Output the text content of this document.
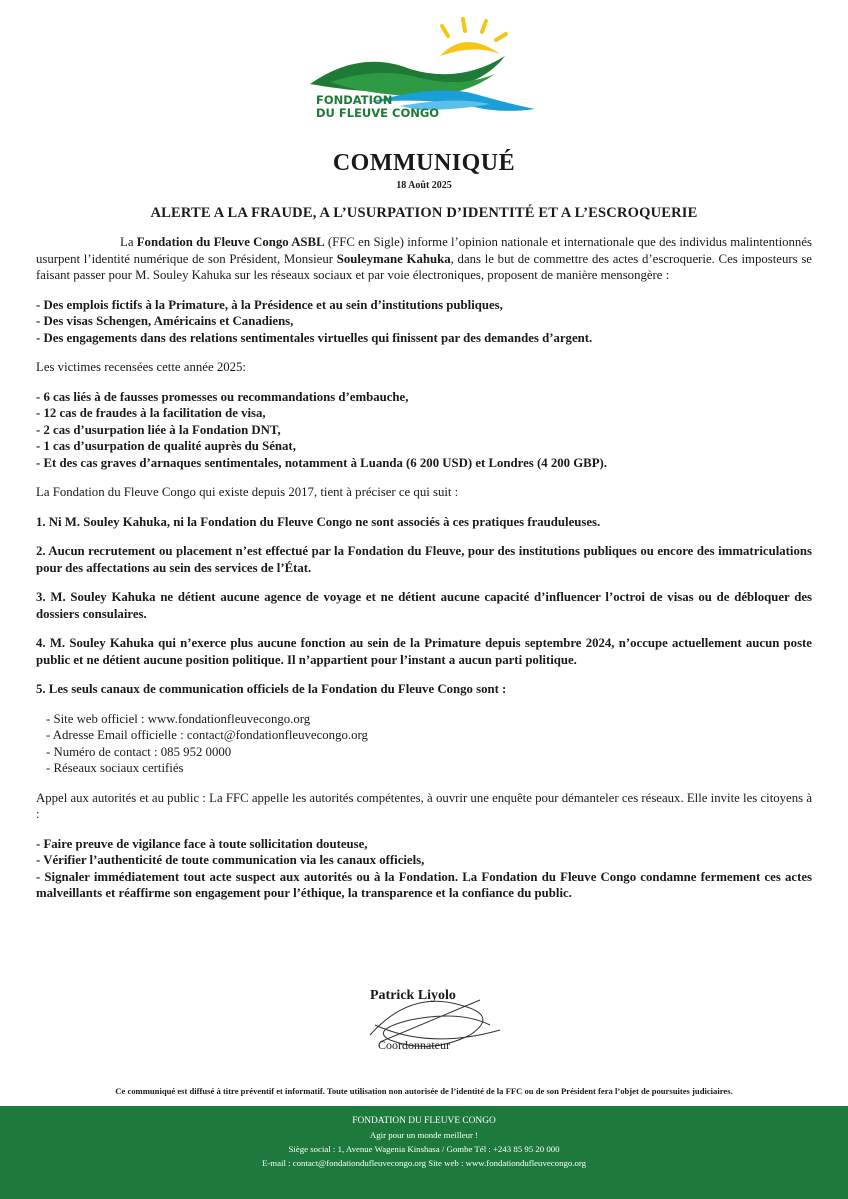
FONDATION
DU FLEUVE CONGO
COMMUNIQUÉ
18 Août 2025
ALERTE A LA FRAUDE, A L’USURPATION D’IDENTITÉ ET A L’ESCROQUERIE

La Fondation du Fleuve Congo ASBL (FFC en Sigle) informe l’opinion nationale et internationale que des individus malintentionnés usurpent l’identité numérique de son Président, Monsieur Souleymane Kahuka, dans le but de commettre des actes d’escroquerie. Ces imposteurs se faisant passer pour M. Souley Kahuka sur les réseaux sociaux et par voie électroniques, proposent de manière mensongère :

- Des emplois fictifs à la Primature, à la Présidence et au sein d’institutions publiques,
- Des visas Schengen, Américains et Canadiens,
- Des engagements dans des relations sentimentales virtuelles qui finissent par des demandes d’argent.

Les victimes recensées cette année 2025:

- 6 cas liés à de fausses promesses ou recommandations d’embauche,
- 12 cas de fraudes à la facilitation de visa,
- 2 cas d’usurpation liée à la Fondation DNT,
- 1 cas d’usurpation de qualité auprès du Sénat,
- Et des cas graves d’arnaques sentimentales, notamment à Luanda (6 200 USD) et Londres (4 200 GBP).

La Fondation du Fleuve Congo qui existe depuis 2017, tient à préciser ce qui suit :

1. Ni M. Souley Kahuka, ni la Fondation du Fleuve Congo ne sont associés à ces pratiques frauduleuses.

2. Aucun recrutement ou placement n’est effectué par la Fondation du Fleuve, pour des institutions publiques ou encore des immatriculations pour des affectations au sein des services de l’État.

3. M. Souley Kahuka ne détient aucune agence de voyage et ne détient aucune capacité d’influencer l’octroi de visas ou de débloquer des dossiers consulaires.

4. M. Souley Kahuka qui n’exerce plus aucune fonction au sein de la Primature depuis septembre 2024, n’occupe actuellement aucun poste public et ne détient aucune position politique. Il n’appartient pour l’instant a aucun parti politique.

5. Les seuls canaux de communication officiels de la Fondation du Fleuve Congo sont :

- Site web officiel : www.fondationfleuvecongo.org
- Adresse Email officielle : contact@fondationfleuvecongo.org
- Numéro de contact : 085 952 0000
- Réseaux sociaux certifiés

Appel aux autorités et au public : La FFC appelle les autorités compétentes, à ouvrir une enquête pour démanteler ces réseaux. Elle invite les citoyens à :

- Faire preuve de vigilance face à toute sollicitation douteuse,
- Vérifier l’authenticité de toute communication via les canaux officiels,
- Signaler immédiatement tout acte suspect aux autorités ou à la Fondation. La Fondation du Fleuve Congo condamne fermement ces actes malveillants et réaffirme son engagement pour l’éthique, la transparence et la confiance du public.
Patrick Liyolo
Coordonnateur
Ce communiqué est diffusé à titre préventif et informatif. Toute utilisation non autorisée de l’identité de la FFC ou de son Président fera l’objet de poursuites judiciaires.
FONDATION DU FLEUVE CONGO
Agir pour un monde meilleur !
Siège social : 1, Avenue Wagenia Kinshasa / Gombe Tél : +243 85 95 20 000
E-mail : contact@fondationdufleuvecongo.org Site web : www.fondationdufleuvecongo.org
